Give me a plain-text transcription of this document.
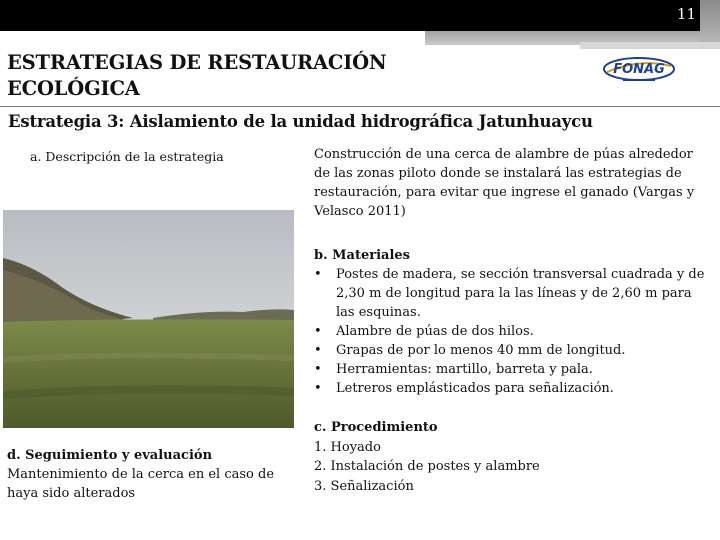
11
ESTRATEGIAS DE RESTAURACIÓN
ECOLÓGICA
FONAG
Estrategia 3: Aislamiento de la unidad hidrográfica Jatunhuaycu
a. Descripción de la estrategia
d. Seguimiento y evaluación
Mantenimiento de la cerca en el caso de haya sido alterados
Construcción de una cerca de alambre de púas alrededor de las zonas piloto donde se instalará las estrategias de restauración, para evitar que ingrese el ganado (Vargas y Velasco 2011)
b. Materiales
• Postes de madera, se sección transversal cuadrada y de 2,30 m de longitud para la las líneas y de 2,60 m para las esquinas.
• Alambre de púas de dos hilos.
• Grapas de por lo menos 40 mm de longitud.
• Herramientas: martillo, barreta y pala.
• Letreros emplásticados para señalización.
c. Procedimiento
1. Hoyado
2. Instalación de postes y alambre
3. Señalización
